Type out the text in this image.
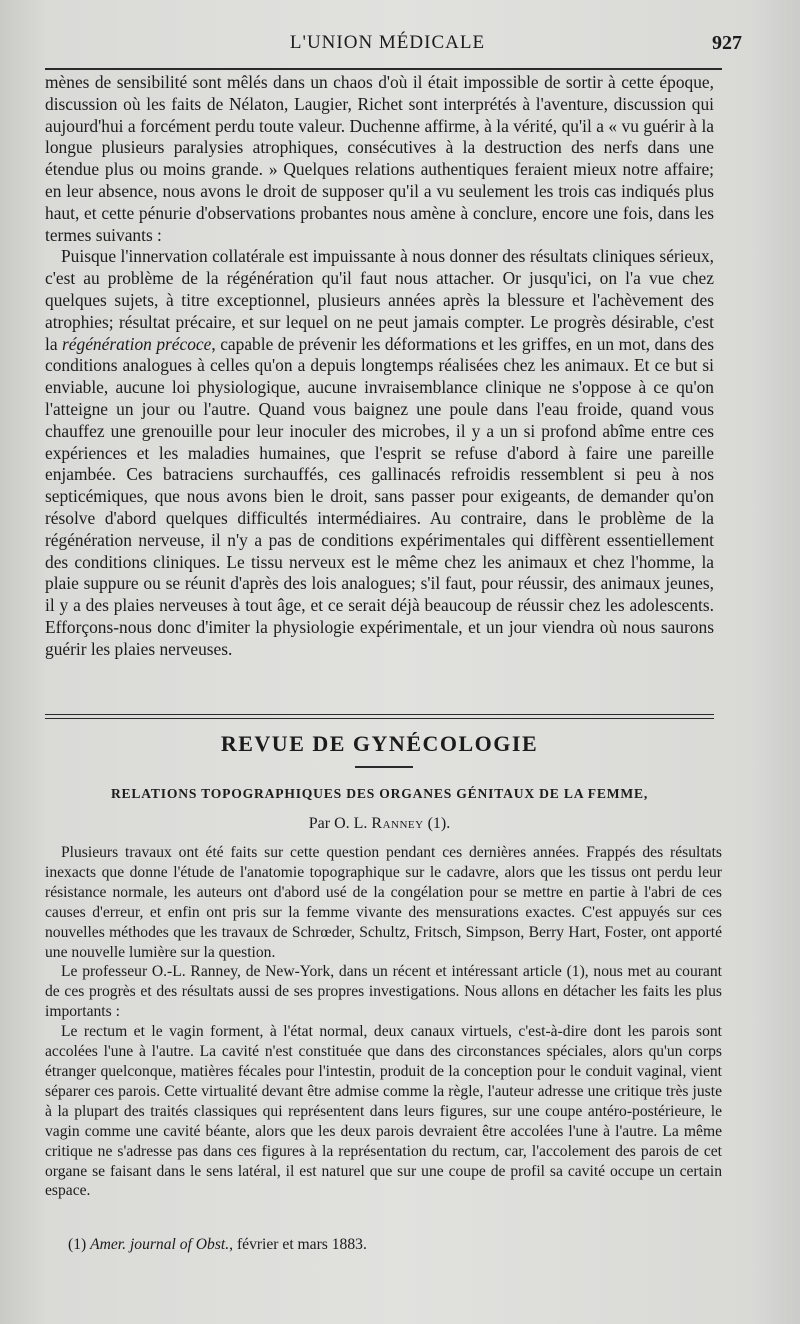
L'UNION MÉDICALE	927

mènes de sensibilité sont mêlés dans un chaos d'où il était impossible de sortir à cette époque, discussion où les faits de Nélaton, Laugier, Richet sont interprétés à l'aventure, discussion qui aujourd'hui a forcément perdu toute valeur. Duchenne affirme, à la vérité, qu'il a « vu guérir à la longue plusieurs paralysies atrophiques, consécutives à la destruction des nerfs dans une étendue plus ou moins grande. » Quelques relations authentiques feraient mieux notre affaire; en leur absence, nous avons le droit de supposer qu'il a vu seulement les trois cas indiqués plus haut, et cette pénurie d'observations probantes nous amène à conclure, encore une fois, dans les termes suivants :

Puisque l'innervation collatérale est impuissante à nous donner des résultats cliniques sérieux, c'est au problème de la régénération qu'il faut nous attacher. Or jusqu'ici, on l'a vue chez quelques sujets, à titre exceptionnel, plusieurs années après la blessure et l'achèvement des atrophies; résultat précaire, et sur lequel on ne peut jamais compter. Le progrès désirable, c'est la régénération précoce, capable de prévenir les déformations et les griffes, en un mot, dans des conditions analogues à celles qu'on a depuis longtemps réalisées chez les animaux. Et ce but si enviable, aucune loi physiologique, aucune invraisemblance clinique ne s'oppose à ce qu'on l'atteigne un jour ou l'autre. Quand vous baignez une poule dans l'eau froide, quand vous chauffez une grenouille pour leur inoculer des microbes, il y a un si profond abîme entre ces expériences et les maladies humaines, que l'esprit se refuse d'abord à faire une pareille enjambée. Ces batraciens surchauffés, ces gallinacés refroidis ressemblent si peu à nos septicémiques, que nous avons bien le droit, sans passer pour exigeants, de demander qu'on résolve d'abord quelques difficultés intermédiaires. Au contraire, dans le problème de la régénération nerveuse, il n'y a pas de conditions expérimentales qui diffèrent essentiellement des conditions cliniques. Le tissu nerveux est le même chez les animaux et chez l'homme, la plaie suppure ou se réunit d'après des lois analogues; s'il faut, pour réussir, des animaux jeunes, il y a des plaies nerveuses à tout âge, et ce serait déjà beaucoup de réussir chez les adolescents. Efforçons-nous donc d'imiter la physiologie expérimentale, et un jour viendra où nous saurons guérir les plaies nerveuses.

REVUE DE GYNÉCOLOGIE
RELATIONS TOPOGRAPHIQUES DES ORGANES GÉNITAUX DE LA FEMME,
Par O. L. Ranney (1).

Plusieurs travaux ont été faits sur cette question pendant ces dernières années. Frappés des résultats inexacts que donne l'étude de l'anatomie topographique sur le cadavre, alors que les tissus ont perdu leur résistance normale, les auteurs ont d'abord usé de la congélation pour se mettre en partie à l'abri de ces causes d'erreur, et enfin ont pris sur la femme vivante des mensurations exactes. C'est appuyés sur ces nouvelles méthodes que les travaux de Schrœder, Schultz, Fritsch, Simpson, Berry Hart, Foster, ont apporté une nouvelle lumière sur la question.

Le professeur O.-L. Ranney, de New-York, dans un récent et intéressant article (1), nous met au courant de ces progrès et des résultats aussi de ses propres investigations. Nous allons en détacher les faits les plus importants :

Le rectum et le vagin forment, à l'état normal, deux canaux virtuels, c'est-à-dire dont les parois sont accolées l'une à l'autre. La cavité n'est constituée que dans des circonstances spéciales, alors qu'un corps étranger quelconque, matières fécales pour l'intestin, produit de la conception pour le conduit vaginal, vient séparer ces parois. Cette virtualité devant être admise comme la règle, l'auteur adresse une critique très juste à la plupart des traités classiques qui représentent dans leurs figures, sur une coupe antéro-postérieure, le vagin comme une cavité béante, alors que les deux parois devraient être accolées l'une à l'autre. La même critique ne s'adresse pas dans ces figures à la représentation du rectum, car, l'accolement des parois de cet organe se faisant dans le sens latéral, il est naturel que sur une coupe de profil sa cavité occupe un certain espace.

(1) Amer. journal of Obst., février et mars 1883.
